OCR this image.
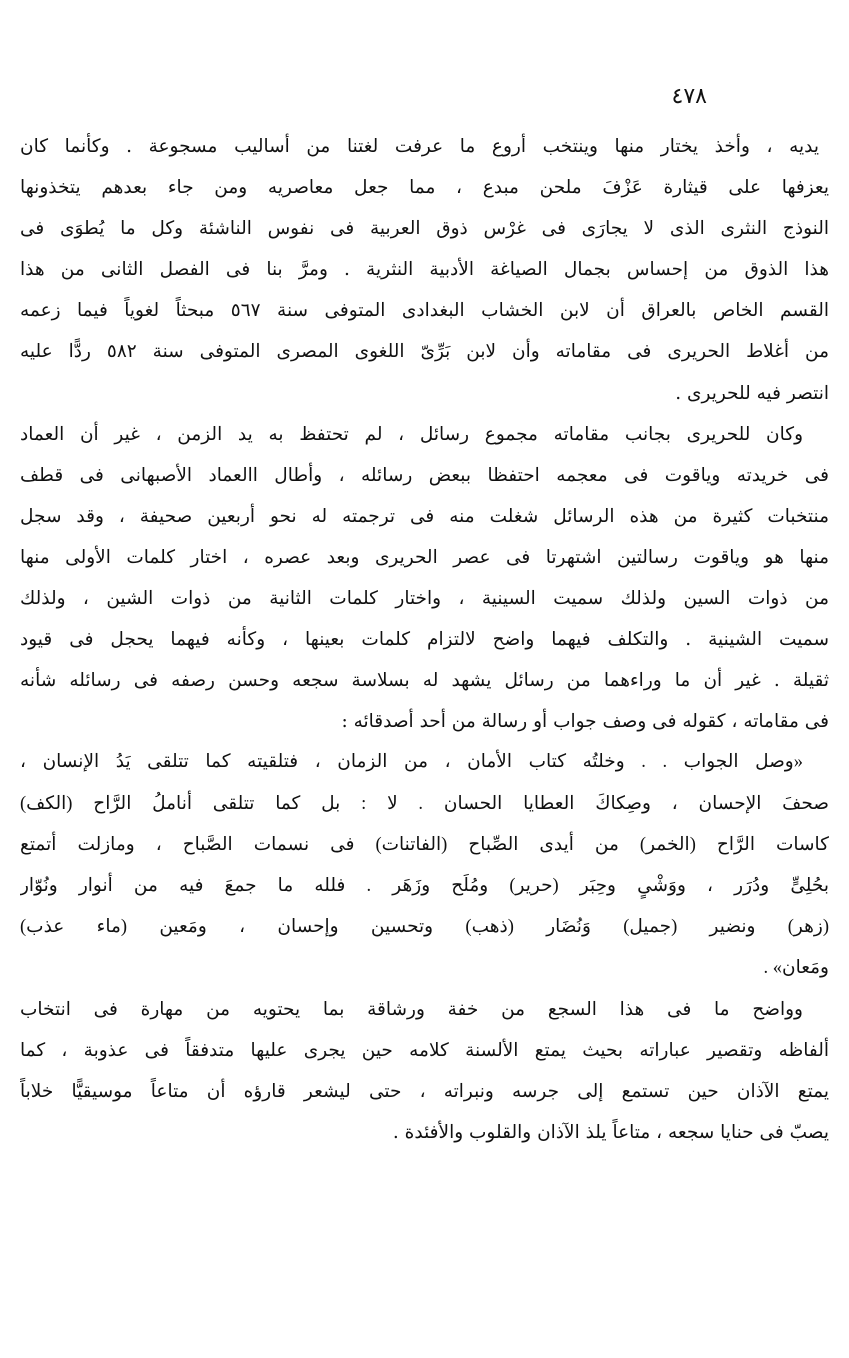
٤٧٨
يديه ، وأخذ يختار منها وينتخب أروع ما عرفت لغتنا من أساليب مسجوعة . وكأنما كان
يعزفها على قيثارة عَزْفَ ملحن مبدع ، مما جعل معاصريه ومن جاء بعدهم يتخذونها
النوذج النثرى الذى لا يجارَى فى غرْس ذوق العربية فى نفوس الناشئة وكل ما يُطوَى فى
هذا الذوق من إحساس بجمال الصياغة الأدبية النثرية . ومرَّ بنا فى الفصل الثانى من هذا
القسم الخاص بالعراق أن لابن الخشاب البغدادى المتوفى سنة ٥٦٧ مبحثاً لغوياً فيما زعمه
من أغلاط الحريرى فى مقاماته وأن لابن بَرِّىّ اللغوى المصرى المتوفى سنة ٥٨٢ ردًّا عليه
انتصر فيه للحريرى .
وكان للحريرى بجانب مقاماته مجموع رسائل ، لم تحتفظ به يد الزمن ، غير أن العماد
فى خريدته وياقوت فى معجمه احتفظا ببعض رسائله ، وأطال االعماد الأصبهانى فى قطف
منتخبات كثيرة من هذه الرسائل شغلت منه فى ترجمته له نحو أربعين صحيفة ، وقد سجل
منها هو وياقوت رسالتين اشتهرتا فى عصر الحريرى وبعد عصره ، اختار كلمات الأولى منها
من ذوات السين ولذلك سميت السينية ، واختار كلمات الثانية من ذوات الشين ، ولذلك
سميت الشينية . والتكلف فيهما واضح لالتزام كلمات بعينها ، وكأنه فيهما يحجل فى قيود
ثقيلة . غير أن ما وراءهما من رسائل يشهد له بسلاسة سجعه وحسن رصفه فى رسائله شأنه
فى مقاماته ، كقوله فى وصف جواب أو رسالة من أحد أصدقائه :
«وصل الجواب . . وخلتُه كتاب الأمان ، من الزمان ، فتلقيته كما تتلقى يَدُ الإنسان ،
صحفَ الإحسان ، وصِكاكَ العطايا الحسان . لا : بل كما تتلقى أناملُ الرَّاح (الكف)
كاسات الرَّاح (الخمر) من أيدى الصِّباح (الفاتنات) فى نسمات الصَّباح ، ومازلت أتمتع
بحُلِىٍّ ودُرَر ، ووَشْىٍ وحِبَر (حرير) ومُلَح وزَهَر . فلله ما جمعَ فيه من أنوار ونُوّار
(زهر) ونضير (جميل) وَنُضَار (ذهب) وتحسين وإحسان ، ومَعين (ماء عذب)
ومَعان» .
وواضح ما فى هذا السجع من خفة ورشاقة بما يحتويه من مهارة فى انتخاب
ألفاظه وتقصير عباراته بحيث يمتع الألسنة كلامه حين يجرى عليها متدفقاً فى عذوبة ، كما
يمتع الآذان حين تستمع إلى جرسه ونبراته ، حتى ليشعر قارؤه أن متاعاً موسيقيًّا خلاباً
يصبّ فى حنايا سجعه ، متاعاً يلذ الآذان والقلوب والأفئدة .
